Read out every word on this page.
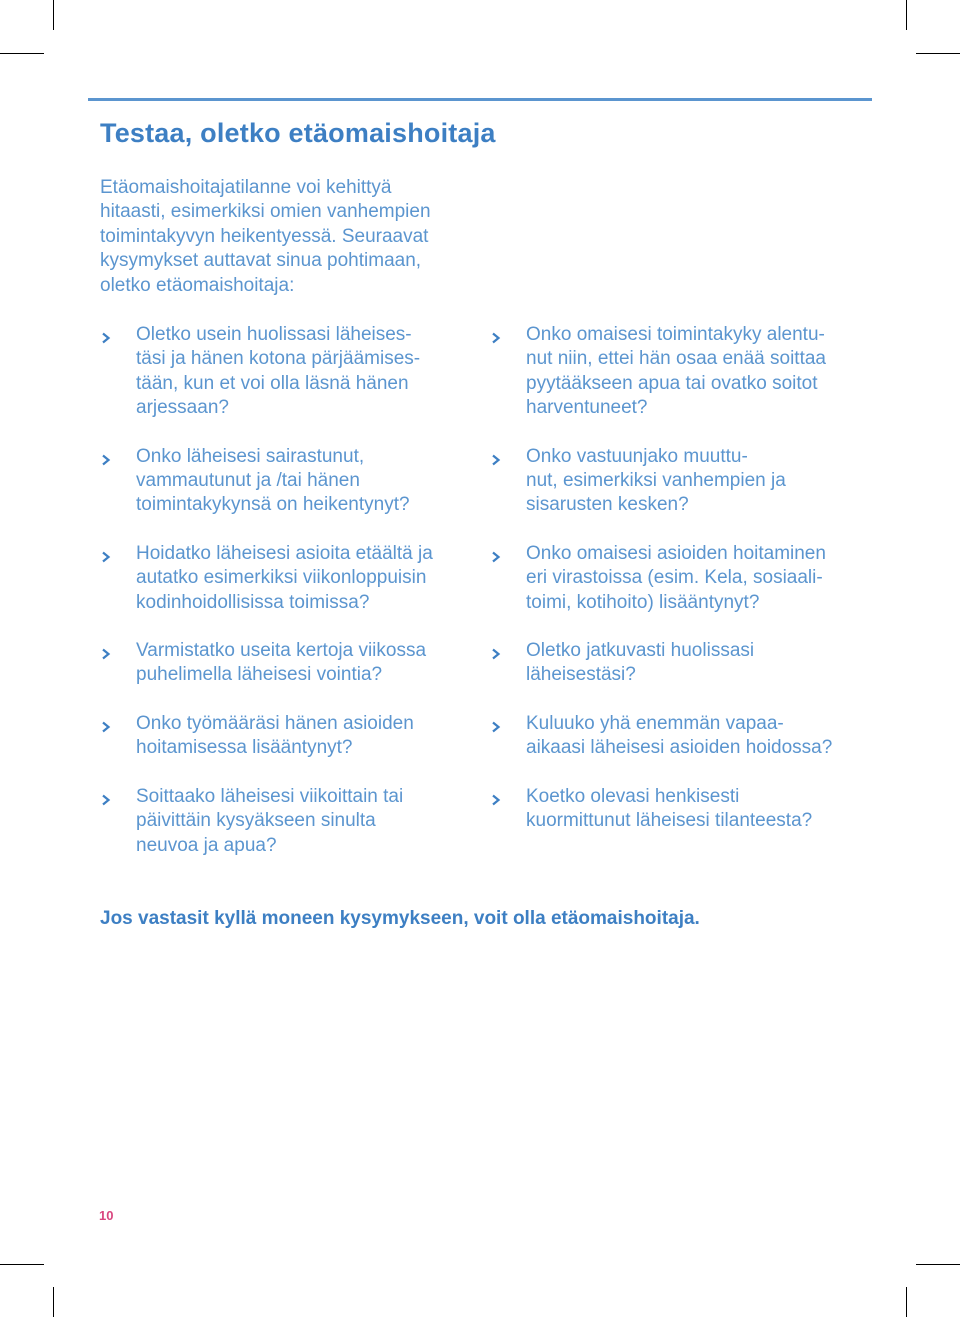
Testaa, oletko etäomaishoitaja

Etäomaishoitajatilanne voi kehittyä
hitaasti, esimerkiksi omien vanhempien
toimintakyvyn heikentyessä. Seuraavat
kysymykset auttavat sinua pohtimaan,
oletko etäomaishoitaja:

Oletko usein huolissasi läheises-
täsi ja hänen kotona pärjäämises-
tään, kun et voi olla läsnä hänen
arjessaan?
Onko läheisesi sairastunut,
vammautunut ja /tai hänen
toimintakykynsä on heikentynyt?
Hoidatko läheisesi asioita etäältä ja
autatko esimerkiksi viikonloppuisin
kodinhoidollisissa toimissa?
Varmistatko useita kertoja viikossa
puhelimella läheisesi vointia?
Onko työmääräsi hänen asioiden
hoitamisessa lisääntynyt?
Soittaako läheisesi viikoittain tai
päivittäin kysyäkseen sinulta
neuvoa ja apua?
Onko omaisesi toimintakyky alentu-
nut niin, ettei hän osaa enää soittaa
pyytääkseen apua tai ovatko soitot
harventuneet?
Onko vastuunjako muuttu-
nut, esimerkiksi vanhempien ja
sisarusten kesken?
Onko omaisesi asioiden hoitaminen
eri virastoissa (esim. Kela, sosiaali-
toimi, kotihoito) lisääntynyt?
Oletko jatkuvasti huolissasi
läheisestäsi?
Kuluuko yhä enemmän vapaa-
aikaasi läheisesi asioiden hoidossa?
Koetko olevasi henkisesti
kuormittunut läheisesi tilanteesta?

Jos vastasit kyllä moneen kysymykseen, voit olla etäomaishoitaja.

10
